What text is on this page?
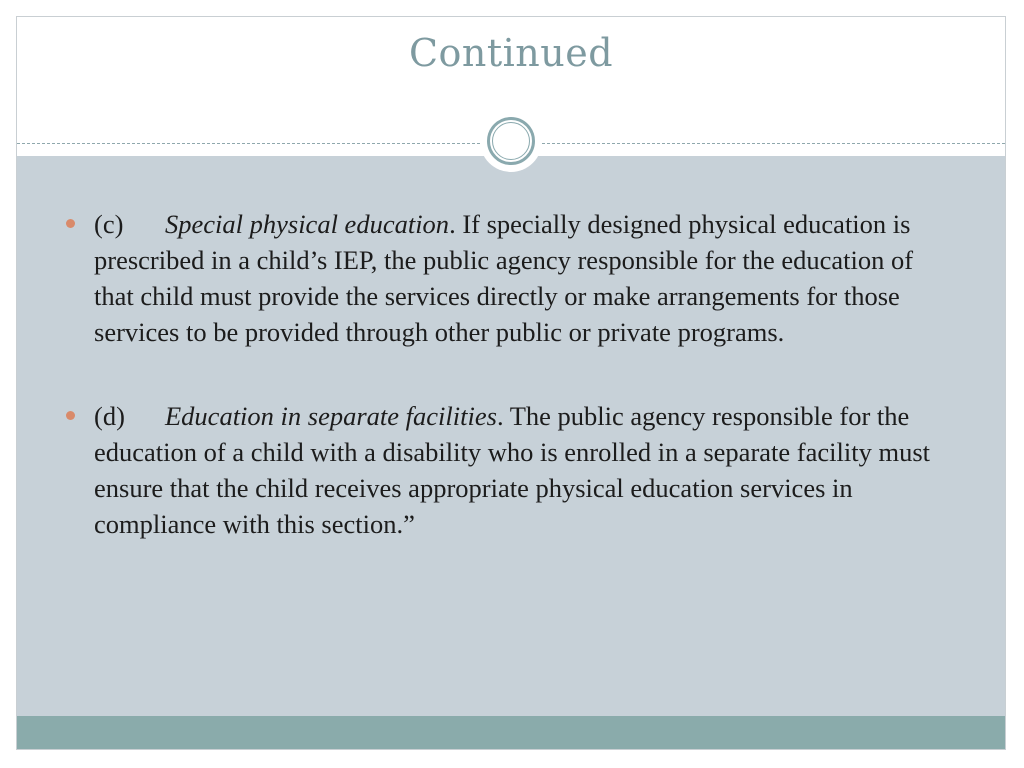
Continued
(c) Special physical education. If specially designed physical education is prescribed in a child’s IEP, the public agency responsible for the education of that child must provide the services directly or make arrangements for those services to be provided through other public or private programs.
(d) Education in separate facilities. The public agency responsible for the education of a child with a disability who is enrolled in a separate facility must ensure that the child receives appropriate physical education services in compliance with this section.”
